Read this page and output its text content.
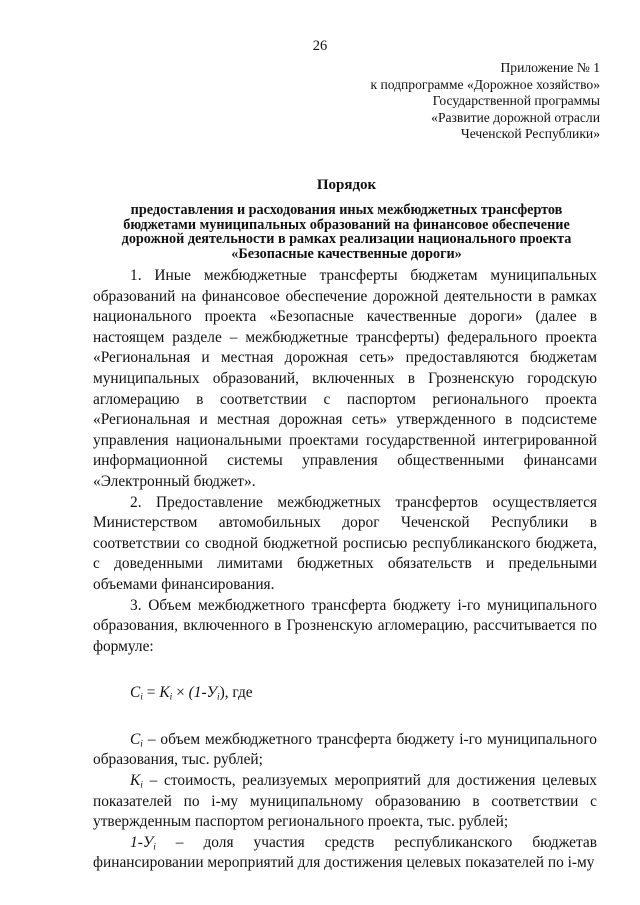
26
Приложение № 1
к подпрограмме «Дорожное хозяйство»
Государственной программы
«Развитие дорожной отрасли
Чеченской Республики»
Порядок
предоставления и расходования иных межбюджетных трансфертов
бюджетами муниципальных образований на финансовое обеспечение
дорожной деятельности в рамках реализации национального проекта
«Безопасные качественные дороги»

1. Иные межбюджетные трансферты бюджетам муниципальных образований на финансовое обеспечение дорожной деятельности в рамках национального проекта «Безопасные качественные дороги» (далее в настоящем разделе – межбюджетные трансферты) федерального проекта «Региональная и местная дорожная сеть» предоставляются бюджетам муниципальных образований, включенных в Грозненскую городскую агломерацию в соответствии с паспортом регионального проекта «Региональная и местная дорожная сеть» утвержденного в подсистеме управления национальными проектами государственной интегрированной информационной системы управления общественными финансами «Электронный бюджет».

2. Предоставление межбюджетных трансфертов осуществляется Министерством автомобильных дорог Чеченской Республики в соответствии со сводной бюджетной росписью республиканского бюджета, с доведенными лимитами бюджетных обязательств и предельными объемами финансирования.

3. Объем межбюджетного трансферта бюджету i-го муниципального образования, включенного в Грозненскую агломерацию, рассчитывается по формуле:

$C_i = K_i \times (1-У_i)$, где

$C_i$ – объем межбюджетного трансферта бюджету i-го муниципального образования, тыс. рублей;

$K_i$ – стоимость, реализуемых мероприятий для достижения целевых показателей по i-му муниципальному образованию в соответствии с утвержденным паспортом регионального проекта, тыс. рублей;

$1-У_i$ – доля участия средств республиканского бюджетав финансировании мероприятий для достижения целевых показателей по i-му
